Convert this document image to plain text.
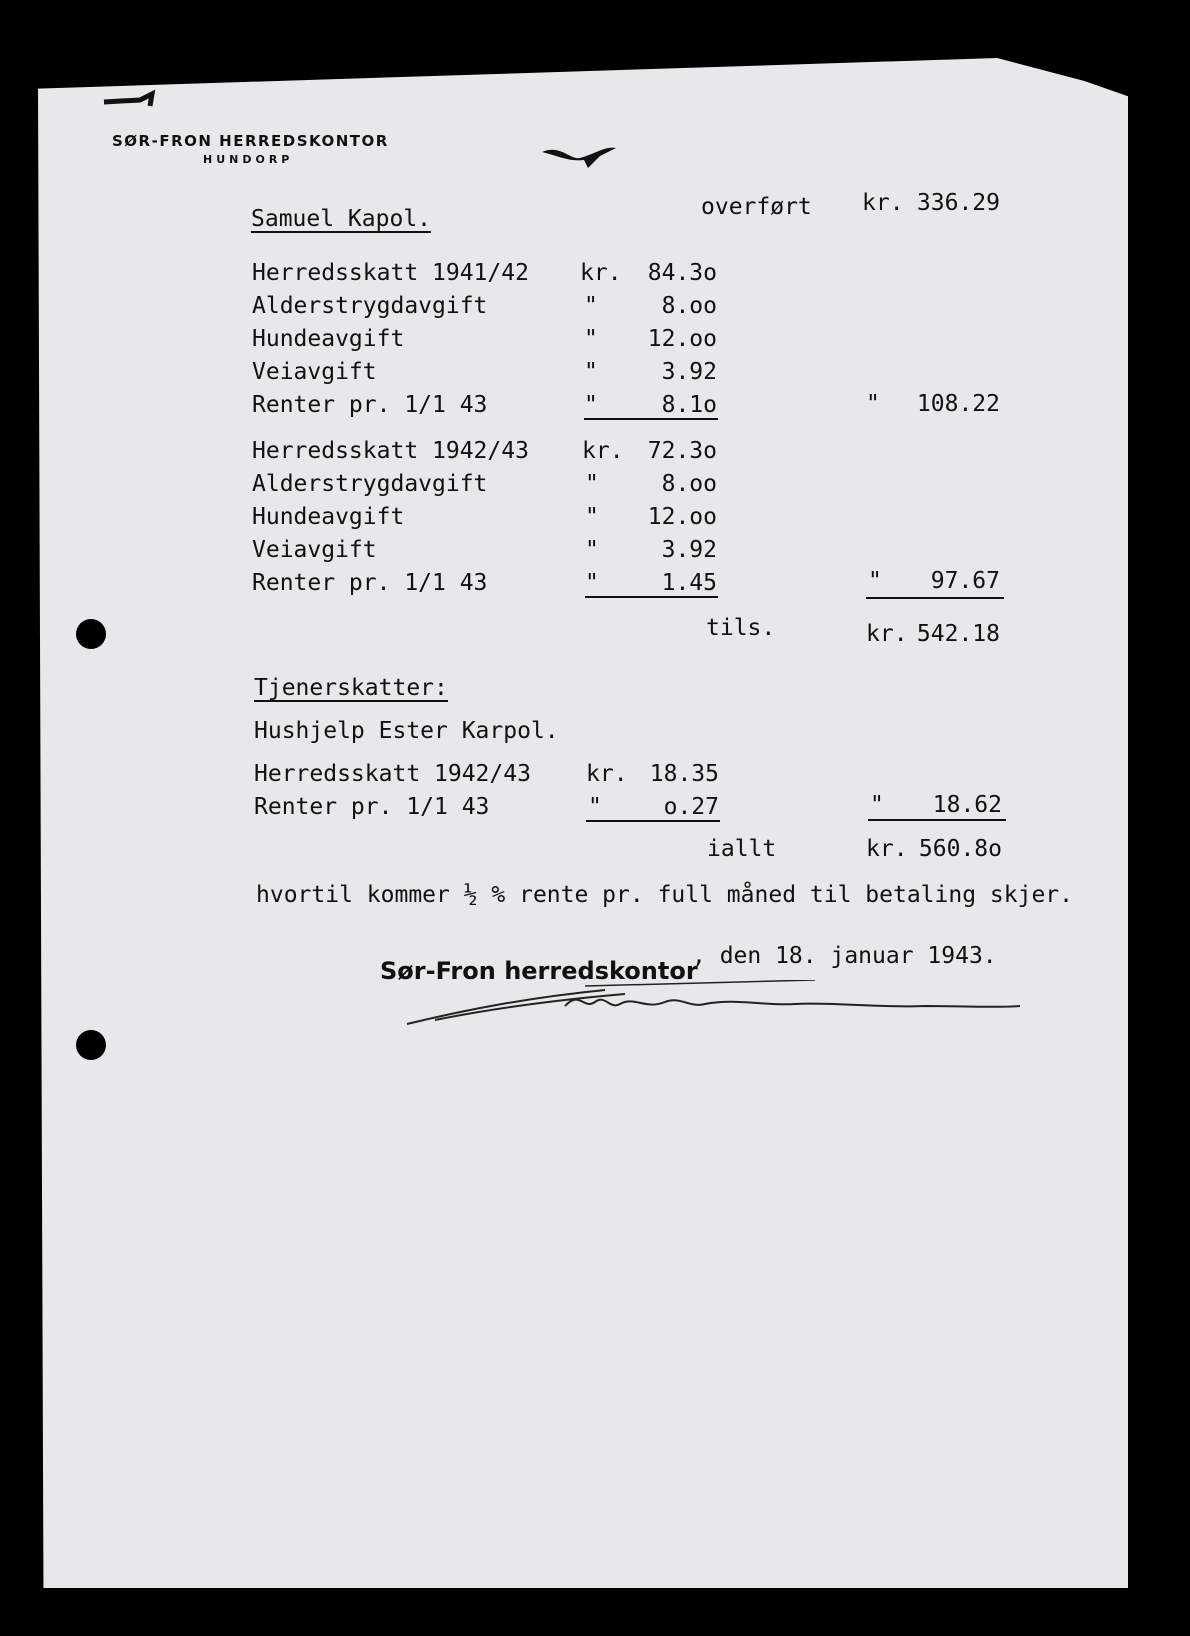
SØR-FRON HERREDSKONTOR
HUNDORP
Samuel Kapol.	overført kr. 336.29
Herredsskatt 1941/42 kr.	84.3o
Alderstrygdavgift	"	8.oo
Hundeavgift	"	12.oo
Veiavgift	"	3.92
Renter pr. 1/1 43	"	8.1o	"	108.22
Herredsskatt 1942/43 kr.	72.3o
Alderstrygdavgift	"	8.oo
Hundeavgift	"	12.oo
Veiavgift	"	3.92
Renter pr. 1/1 43	"	1.45	"	97.67
tils.	kr. 542.18
Tjenerskatter:
Hushjelp Ester Karpol.
Herredsskatt 1942/43 kr. 18.35
Renter pr. 1/1 43	"	o.27	"	18.62
iallt	kr. 560.8o
hvortil kommer ½ % rente pr. full måned til betaling skjer.
Sør-Fron herredskontor
, den 18. januar 1943.
